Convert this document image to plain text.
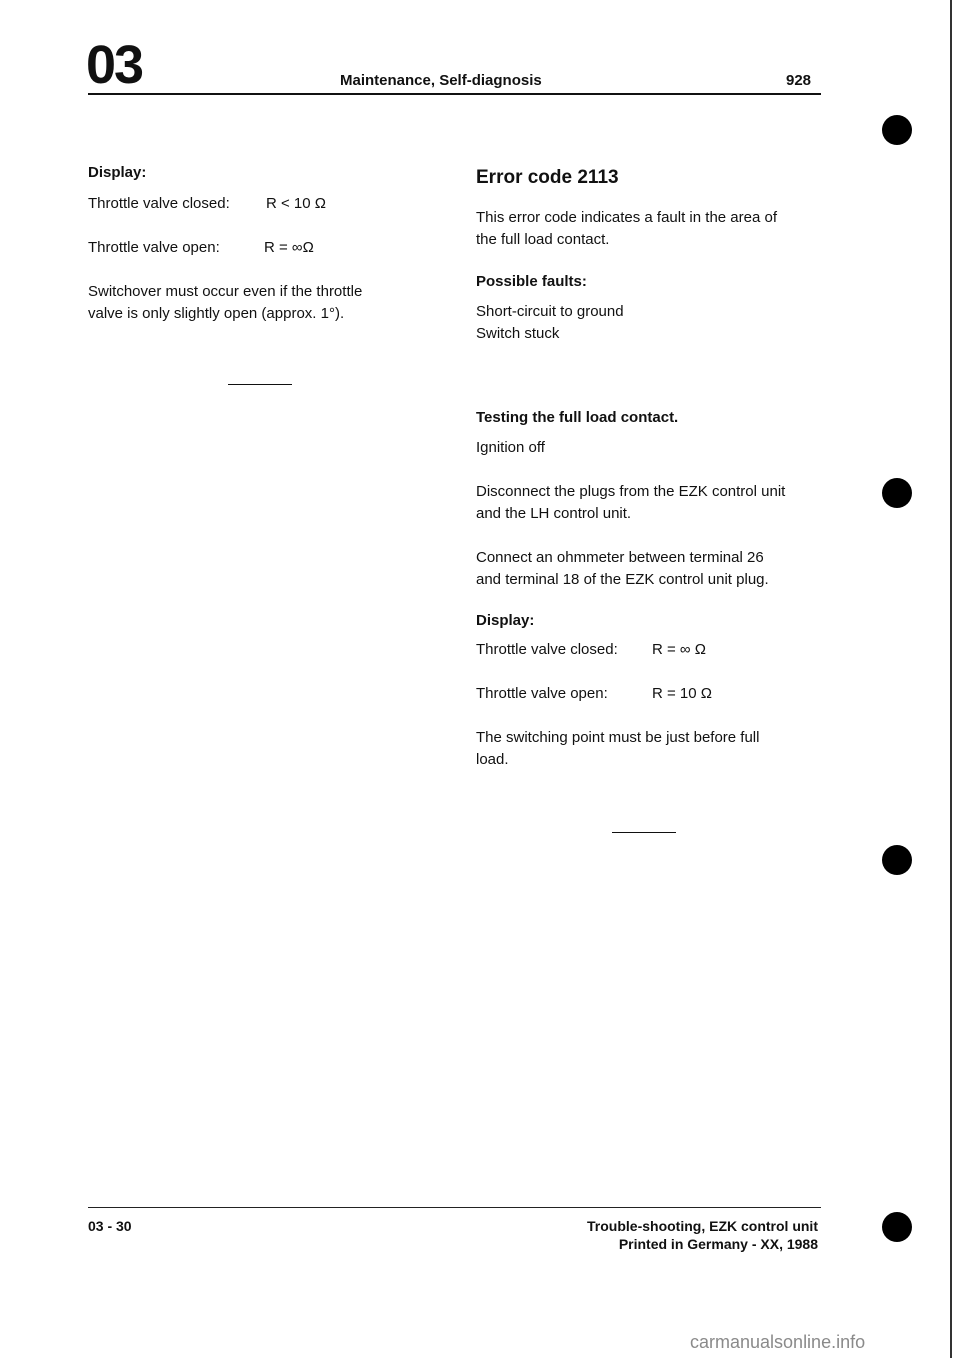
03	Maintenance, Self-diagnosis	928
Display:
Throttle valve closed: R < 10 Ω
Throttle valve open:	R = ∞Ω
Switchover must occur even if the throttle
valve is only slightly open (approx. 1°).
Error code 2113
This error code indicates a fault in the area of
the full load contact.
Possible faults:
Short-circuit to ground
Switch stuck
Testing the full load contact.
Ignition off
Disconnect the plugs from the EZK control unit
and the LH control unit.
Connect an ohmmeter between terminal 26
and terminal 18 of the EZK control unit plug.
Display:
Throttle valve closed: R = ∞ Ω
Throttle valve open:	R = 10 Ω
The switching point must be just before full
load.
03 - 30	Trouble-shooting, EZK control unit
Printed in Germany - XX, 1988
carmanualsonline.info
